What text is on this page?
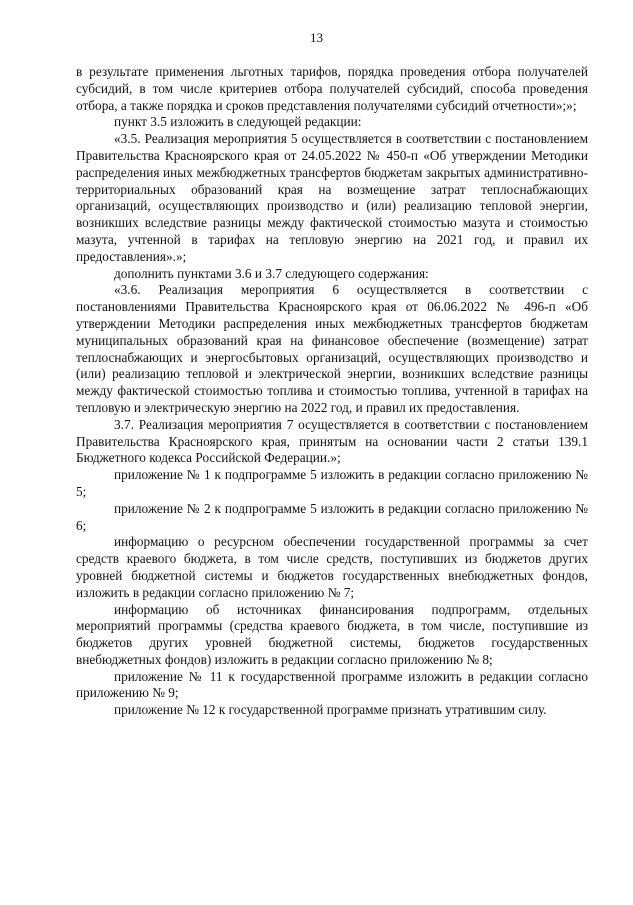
13

в результате применения льготных тарифов, порядка проведения отбора получателей субсидий, в том числе критериев отбора получателей субсидий, способа проведения отбора, а также порядка и сроков представления получателями субсидий отчетности»;»;

пункт 3.5 изложить в следующей редакции:

«3.5. Реализация мероприятия 5 осуществляется в соответствии с постановлением Правительства Красноярского края от 24.05.2022 № 450-п «Об утверждении Методики распределения иных межбюджетных трансфертов бюджетам закрытых административно-территориальных образований края на возмещение затрат теплоснабжающих организаций, осуществляющих производство и (или) реализацию тепловой энергии, возникших вследствие разницы между фактической стоимостью мазута и стоимостью мазута, учтенной в тарифах на тепловую энергию на 2021 год, и правил их предоставления».»;

дополнить пунктами 3.6 и 3.7 следующего содержания:

«3.6. Реализация мероприятия 6 осуществляется в соответствии с постановлениями Правительства Красноярского края от 06.06.2022 № 496-п «Об утверждении Методики распределения иных межбюджетных трансфертов бюджетам муниципальных образований края на финансовое обеспечение (возмещение) затрат теплоснабжающих и энергосбытовых организаций, осуществляющих производство и (или) реализацию тепловой и электрической энергии, возникших вследствие разницы между фактической стоимостью топлива и стоимостью топлива, учтенной в тарифах на тепловую и электрическую энергию на 2022 год, и правил их предоставления.

3.7. Реализация мероприятия 7 осуществляется в соответствии с постановлением Правительства Красноярского края, принятым на основании части 2 статьи 139.1 Бюджетного кодекса Российской Федерации.»;

приложение № 1 к подпрограмме 5 изложить в редакции согласно приложению № 5;

приложение № 2 к подпрограмме 5 изложить в редакции согласно приложению № 6;

информацию о ресурсном обеспечении государственной программы за счет средств краевого бюджета, в том числе средств, поступивших из бюджетов других уровней бюджетной системы и бюджетов государственных внебюджетных фондов, изложить в редакции согласно приложению № 7;

информацию об источниках финансирования подпрограмм, отдельных мероприятий программы (средства краевого бюджета, в том числе, поступившие из бюджетов других уровней бюджетной системы, бюджетов государственных внебюджетных фондов) изложить в редакции согласно приложению № 8;

приложение № 11 к государственной программе изложить в редакции согласно приложению № 9;

приложение № 12 к государственной программе признать утратившим силу.
